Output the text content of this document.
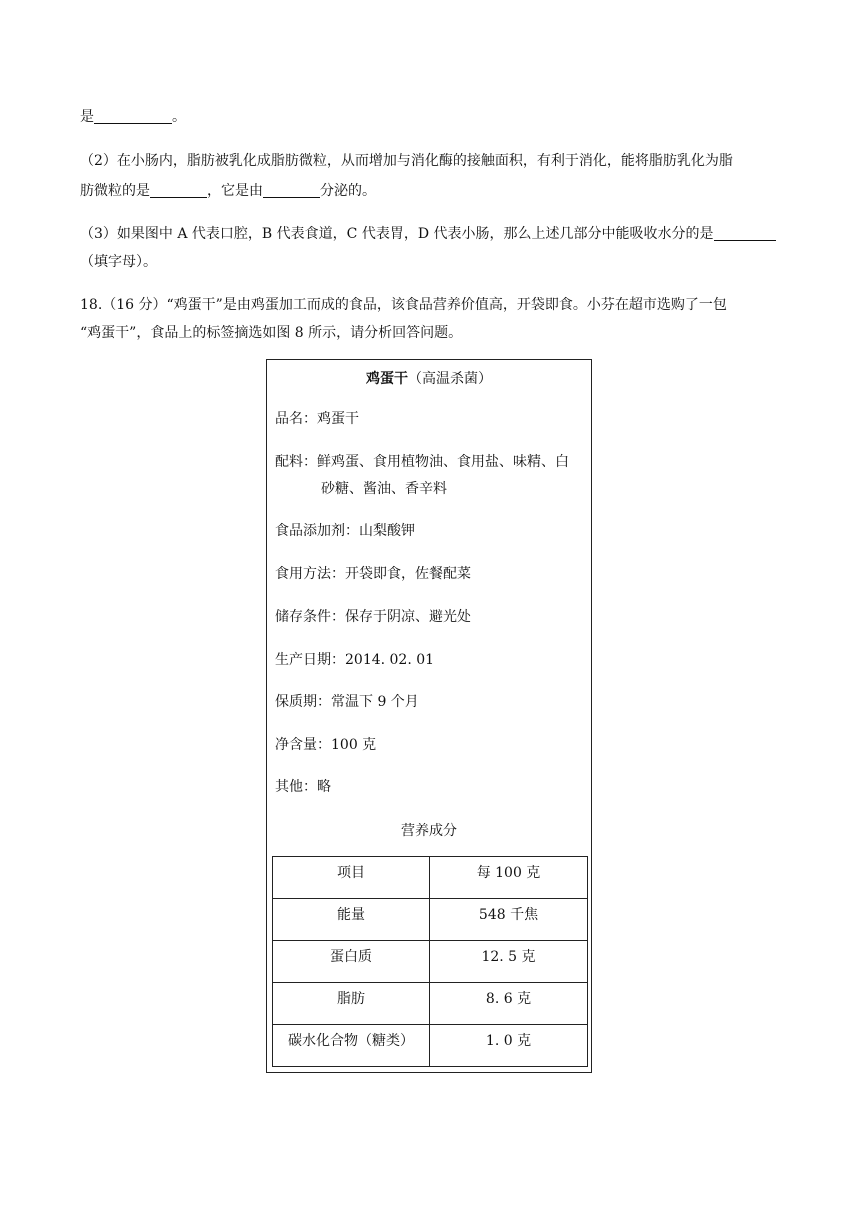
是	。
（2）在小肠内，脂肪被乳化成脂肪微粒，从而增加与消化酶的接触面积，有利于消化，能将脂肪乳化为脂
肪微粒的是	，它是由	分泌的。
（3）如果图中 A 代表口腔，B 代表食道，C 代表胃，D 代表小肠，那么上述几部分中能吸收水分的是
（填字母）。
18.（16 分）“鸡蛋干”是由鸡蛋加工而成的食品，该食品营养价值高，开袋即食。小芬在超市选购了一包
“鸡蛋干”，食品上的标签摘选如图 8 所示，请分析回答问题。
鸡蛋干（高温杀菌）
品名：鸡蛋干
配料：鲜鸡蛋、食用植物油、食用盐、味精、白
砂糖、酱油、香辛料
食品添加剂：山梨酸钾
食用方法：开袋即食，佐餐配菜
储存条件：保存于阴凉、避光处
生产日期：2014. 02. 01
保质期：常温下 9 个月
净含量：100 克
其他：略
营养成分
项目	每 100 克
能量	548 千焦
蛋白质	12. 5 克
脂肪	8. 6 克
碳水化合物（糖类）	1. 0 克
